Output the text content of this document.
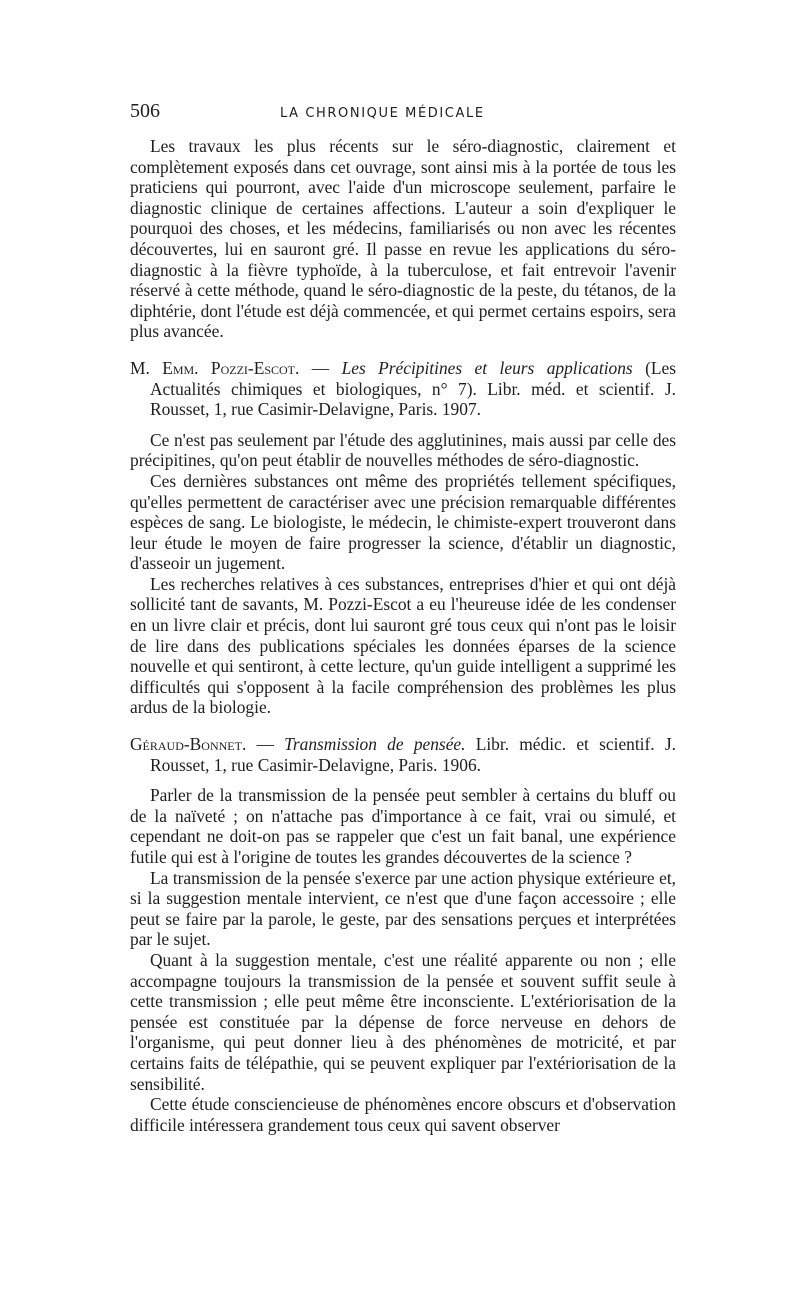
506	LA CHRONIQUE MÉDICALE

Les travaux les plus récents sur le séro-diagnostic, clairement et complètement exposés dans cet ouvrage, sont ainsi mis à la portée de tous les praticiens qui pourront, avec l'aide d'un microscope seulement, parfaire le diagnostic clinique de certaines affections. L'auteur a soin d'expliquer le pourquoi des choses, et les médecins, familiarisés ou non avec les récentes découvertes, lui en sauront gré. Il passe en revue les applications du séro-diagnostic à la fièvre typhoïde, à la tuberculose, et fait entrevoir l'avenir réservé à cette méthode, quand le séro-diagnostic de la peste, du tétanos, de la diphtérie, dont l'étude est déjà commencée, et qui permet certains espoirs, sera plus avancée.

M. Emm. Pozzi-Escot. — Les Précipitines et leurs applications (Les Actualités chimiques et biologiques, n° 7). Libr. méd. et scientif. J. Rousset, 1, rue Casimir-Delavigne, Paris. 1907.

Ce n'est pas seulement par l'étude des agglutinines, mais aussi par celle des précipitines, qu'on peut établir de nouvelles méthodes de séro-diagnostic.

Ces dernières substances ont même des propriétés tellement spécifiques, qu'elles permettent de caractériser avec une précision remarquable différentes espèces de sang. Le biologiste, le médecin, le chimiste-expert trouveront dans leur étude le moyen de faire progresser la science, d'établir un diagnostic, d'asseoir un jugement.

Les recherches relatives à ces substances, entreprises d'hier et qui ont déjà sollicité tant de savants, M. Pozzi-Escot a eu l'heureuse idée de les condenser en un livre clair et précis, dont lui sauront gré tous ceux qui n'ont pas le loisir de lire dans des publications spéciales les données éparses de la science nouvelle et qui sentiront, à cette lecture, qu'un guide intelligent a supprimé les difficultés qui s'opposent à la facile compréhension des problèmes les plus ardus de la biologie.

Géraud-Bonnet. — Transmission de pensée. Libr. médic. et scientif. J. Rousset, 1, rue Casimir-Delavigne, Paris. 1906.

Parler de la transmission de la pensée peut sembler à certains du bluff ou de la naïveté ; on n'attache pas d'importance à ce fait, vrai ou simulé, et cependant ne doit-on pas se rappeler que c'est un fait banal, une expérience futile qui est à l'origine de toutes les grandes découvertes de la science ?

La transmission de la pensée s'exerce par une action physique extérieure et, si la suggestion mentale intervient, ce n'est que d'une façon accessoire ; elle peut se faire par la parole, le geste, par des sensations perçues et interprétées par le sujet.

Quant à la suggestion mentale, c'est une réalité apparente ou non ; elle accompagne toujours la transmission de la pensée et souvent suffit seule à cette transmission ; elle peut même être inconsciente. L'extériorisation de la pensée est constituée par la dépense de force nerveuse en dehors de l'organisme, qui peut donner lieu à des phénomènes de motricité, et par certains faits de télépathie, qui se peuvent expliquer par l'extériorisation de la sensibilité.

Cette étude consciencieuse de phénomènes encore obscurs et d'observation difficile intéressera grandement tous ceux qui savent observer
